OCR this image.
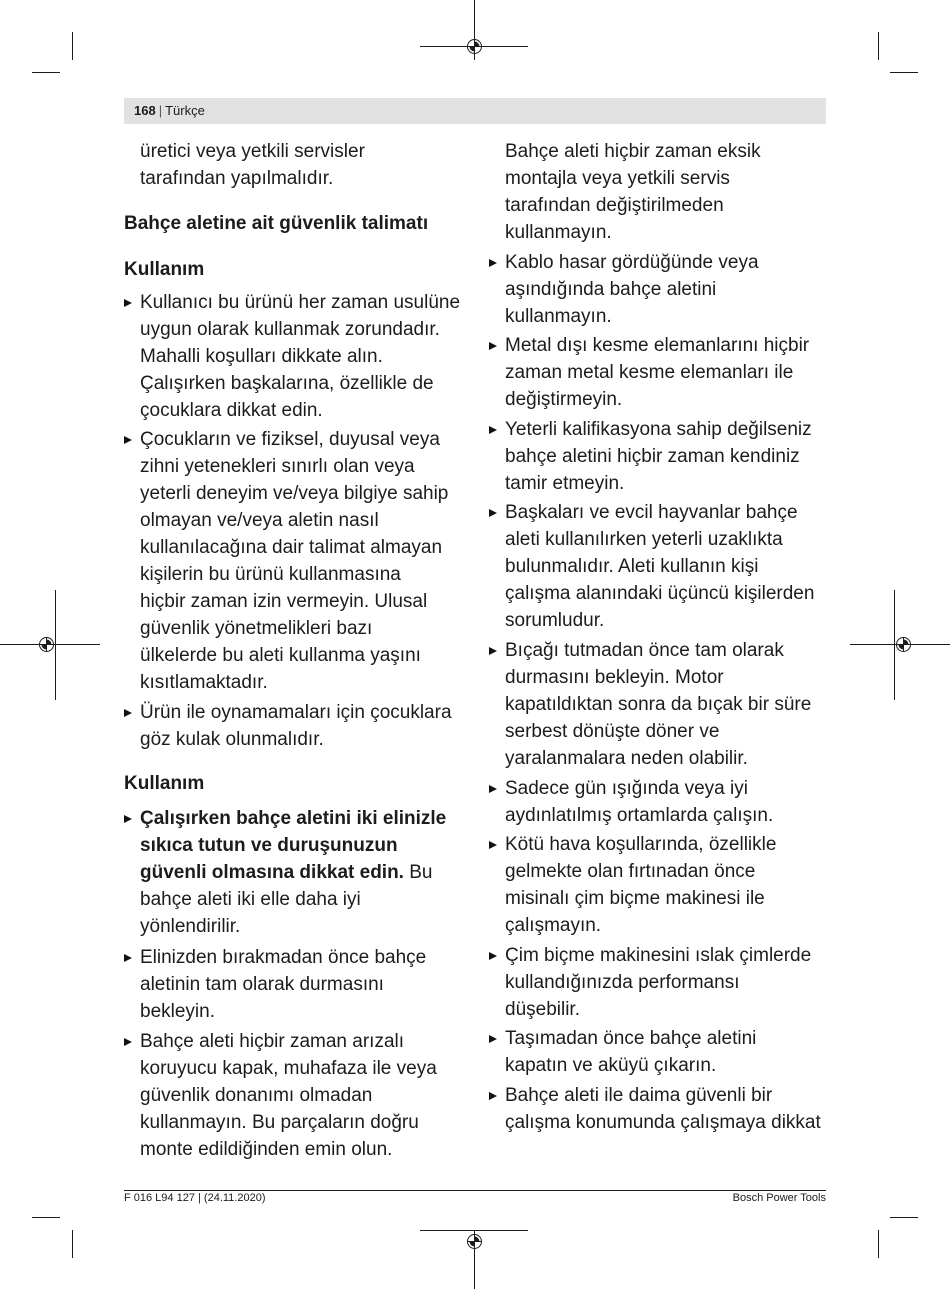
168 | Türkçe
üretici veya yetkili servisler
tarafından yapılmalıdır.
Bahçe aletine ait güvenlik talimatı
Kullanım
Kullanıcı bu ürünü her zaman usulüne
uygun olarak kullanmak zorundadır.
Mahalli koşulları dikkate alın.
Çalışırken başkalarına, özellikle de
çocuklara dikkat edin.
Çocukların ve fiziksel, duyusal veya
zihni yetenekleri sınırlı olan veya
yeterli deneyim ve/veya bilgiye sahip
olmayan ve/veya aletin nasıl
kullanılacağına dair talimat almayan
kişilerin bu ürünü kullanmasına
hiçbir zaman izin vermeyin. Ulusal
güvenlik yönetmelikleri bazı
ülkelerde bu aleti kullanma yaşını
kısıtlamaktadır.
Ürün ile oynamamaları için çocuklara
göz kulak olunmalıdır.
Kullanım
Çalışırken bahçe aletini iki elinizle
sıkıca tutun ve duruşunuzun
güvenli olmasına dikkat edin. Bu
bahçe aleti iki elle daha iyi
yönlendirilir.
Elinizden bırakmadan önce bahçe
aletinin tam olarak durmasını
bekleyin.
Bahçe aleti hiçbir zaman arızalı
koruyucu kapak, muhafaza ile veya
güvenlik donanımı olmadan
kullanmayın. Bu parçaların doğru
monte edildiğinden emin olun.
Bahçe aleti hiçbir zaman eksik
montajla veya yetkili servis
tarafından değiştirilmeden
kullanmayın.
Kablo hasar gördüğünde veya
aşındığında bahçe aletini
kullanmayın.
Metal dışı kesme elemanlarını hiçbir
zaman metal kesme elemanları ile
değiştirmeyin.
Yeterli kalifikasyona sahip değilseniz
bahçe aletini hiçbir zaman kendiniz
tamir etmeyin.
Başkaları ve evcil hayvanlar bahçe
aleti kullanılırken yeterli uzaklıkta
bulunmalıdır. Aleti kullanın kişi
çalışma alanındaki üçüncü kişilerden
sorumludur.
Bıçağı tutmadan önce tam olarak
durmasını bekleyin. Motor
kapatıldıktan sonra da bıçak bir süre
serbest dönüşte döner ve
yaralanmalara neden olabilir.
Sadece gün ışığında veya iyi
aydınlatılmış ortamlarda çalışın.
Kötü hava koşullarında, özellikle
gelmekte olan fırtınadan önce
misinalı çim biçme makinesi ile
çalışmayın.
Çim biçme makinesini ıslak çimlerde
kullandığınızda performansı
düşebilir.
Taşımadan önce bahçe aletini
kapatın ve aküyü çıkarın.
Bahçe aleti ile daima güvenli bir
çalışma konumunda çalışmaya dikkat
F 016 L94 127 | (24.11.2020)	Bosch Power Tools
